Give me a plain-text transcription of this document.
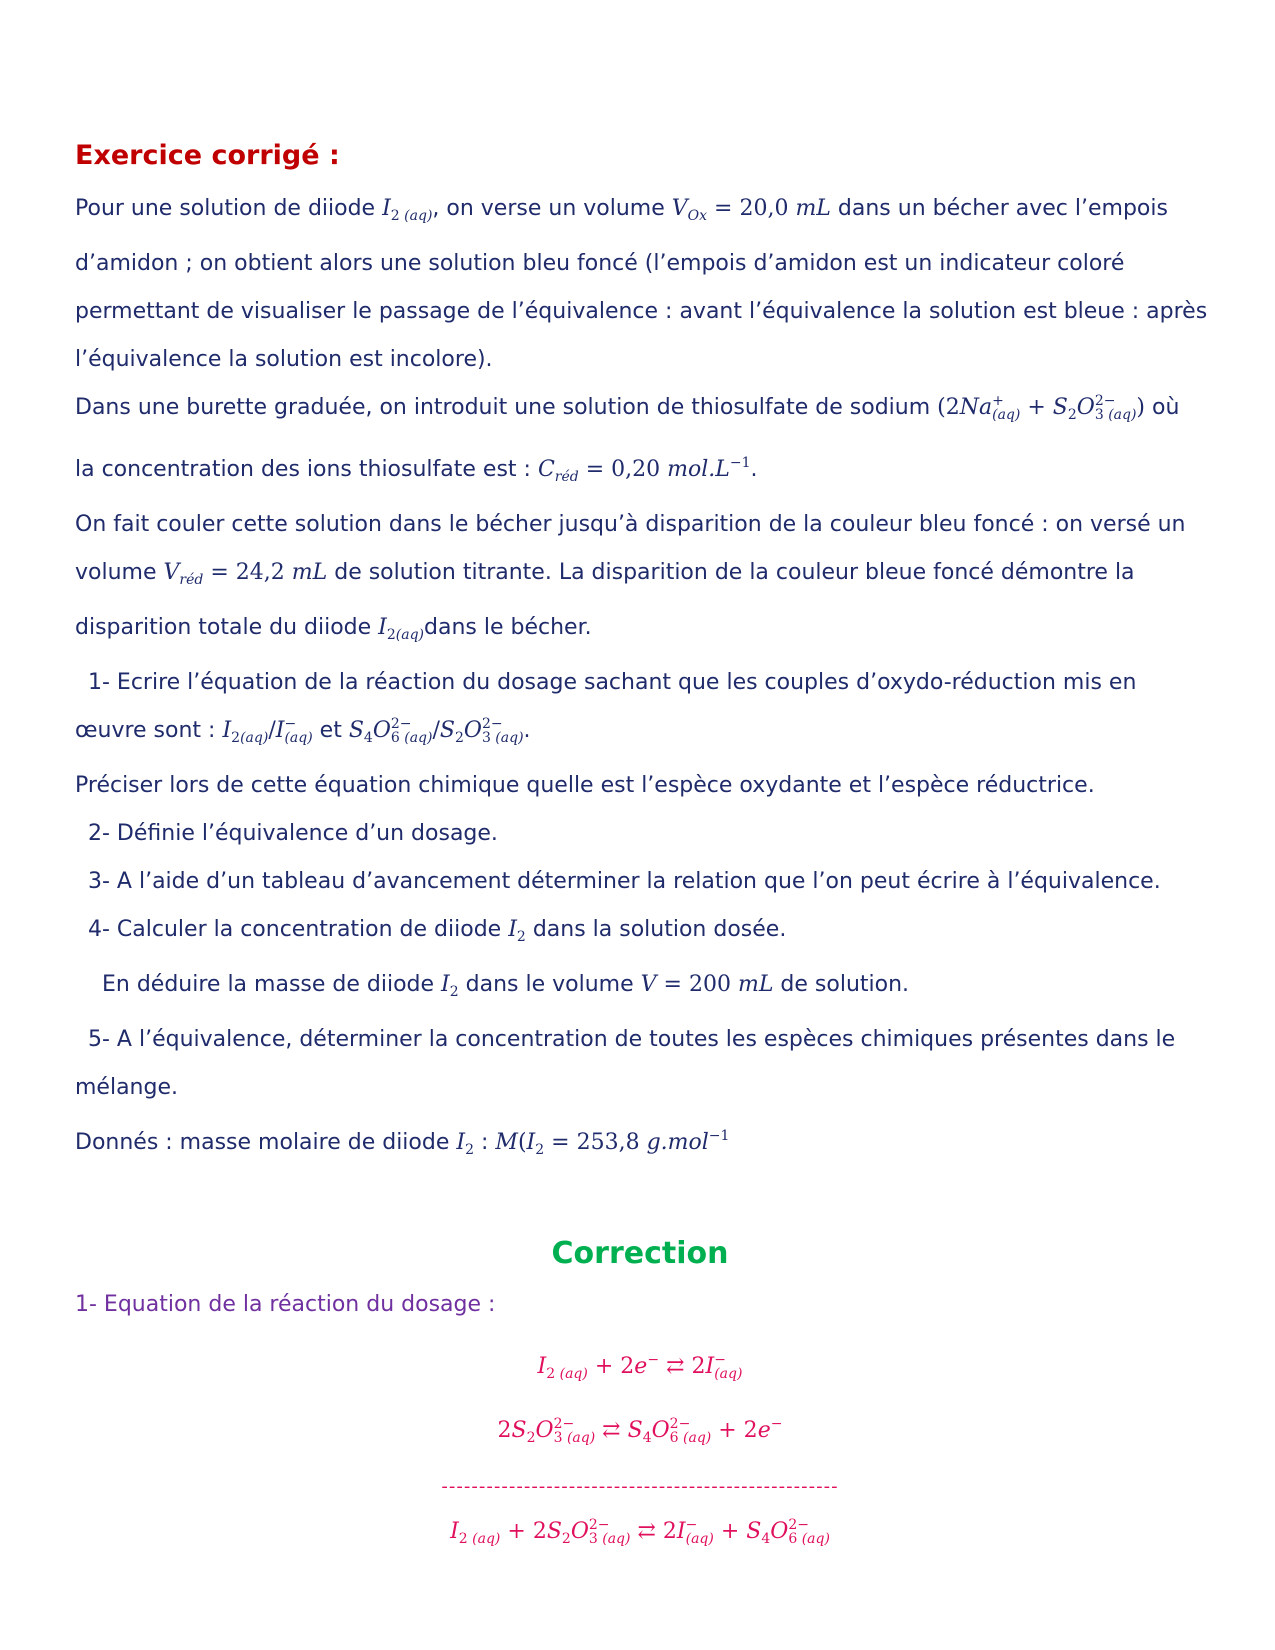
Exercice corrigé :

Pour une solution de diiode $I_2$ $_{(aq)}$, on verse un volume $V_{Ox} = 20,0$ mL dans un bécher avec l’empois

d’amidon ; on obtient alors une solution bleu foncé (l’empois d’amidon est un indicateur coloré

permettant de visualiser le passage de l’équivalence : avant l’équivalence la solution est bleue : après

l’équivalence la solution est incolore).

Dans une burette graduée, on introduit une solution de thiosulfate de sodium (2Na +
$(aq) + S_2O$ 2−
3 (aq) ) où

la concentration des ions thiosulfate est : $C_{réd} = 0,20$ $mol.L^{-1}$.

On fait couler cette solution dans le bécher jusqu’à disparition de la couleur bleu foncé : on versé un

volume $V_{réd} = 24,2$ mL de solution titrante. La disparition de la couleur bleue foncé démontre la

disparition totale du diiode $I_{2(aq)}dans$ le bécher.

1- Ecrire l’équation de la réaction du dosage sachant que les couples d’oxydo-réduction mis en

œuvre sont : $I_{2(aq)}/I$ −
(aq) et $S_4O$ 2−
6 (aq) $/S_2O$ 2−
3 (aq) .

Préciser lors de cette équation chimique quelle est l’espèce oxydante et l’espèce réductrice.

2- Définie l’équivalence d’un dosage.

3- A l’aide d’un tableau d’avancement déterminer la relation que l’on peut écrire à l’équivalence.

4- Calculer la concentration de diiode $I_2$ dans la solution dosée.

En déduire la masse de diiode $I_2$ dans le volume V = 200 mL de solution.

5- A l’équivalence, déterminer la concentration de toutes les espèces chimiques présentes dans le

mélange.

Donnés : masse molaire de diiode $I_2$ : $M(I_2 = 253,8$ g.mol$^{-1}$

Correction

1- Equation de la réaction du dosage :

$I_{2 (aq)} + 2e^-$ ⇄ 2I −
(aq)

$2S_2O$ 2−
3 (aq) ⇄ $S_4O$ 2−
6 (aq) + 2e−

-----------------------------------------------------

$I_{2 (aq)} + 2S_2O$ 2−
3 (aq) ⇄ 2I −
$(aq) + S_4O$ 2−
6 (aq)
